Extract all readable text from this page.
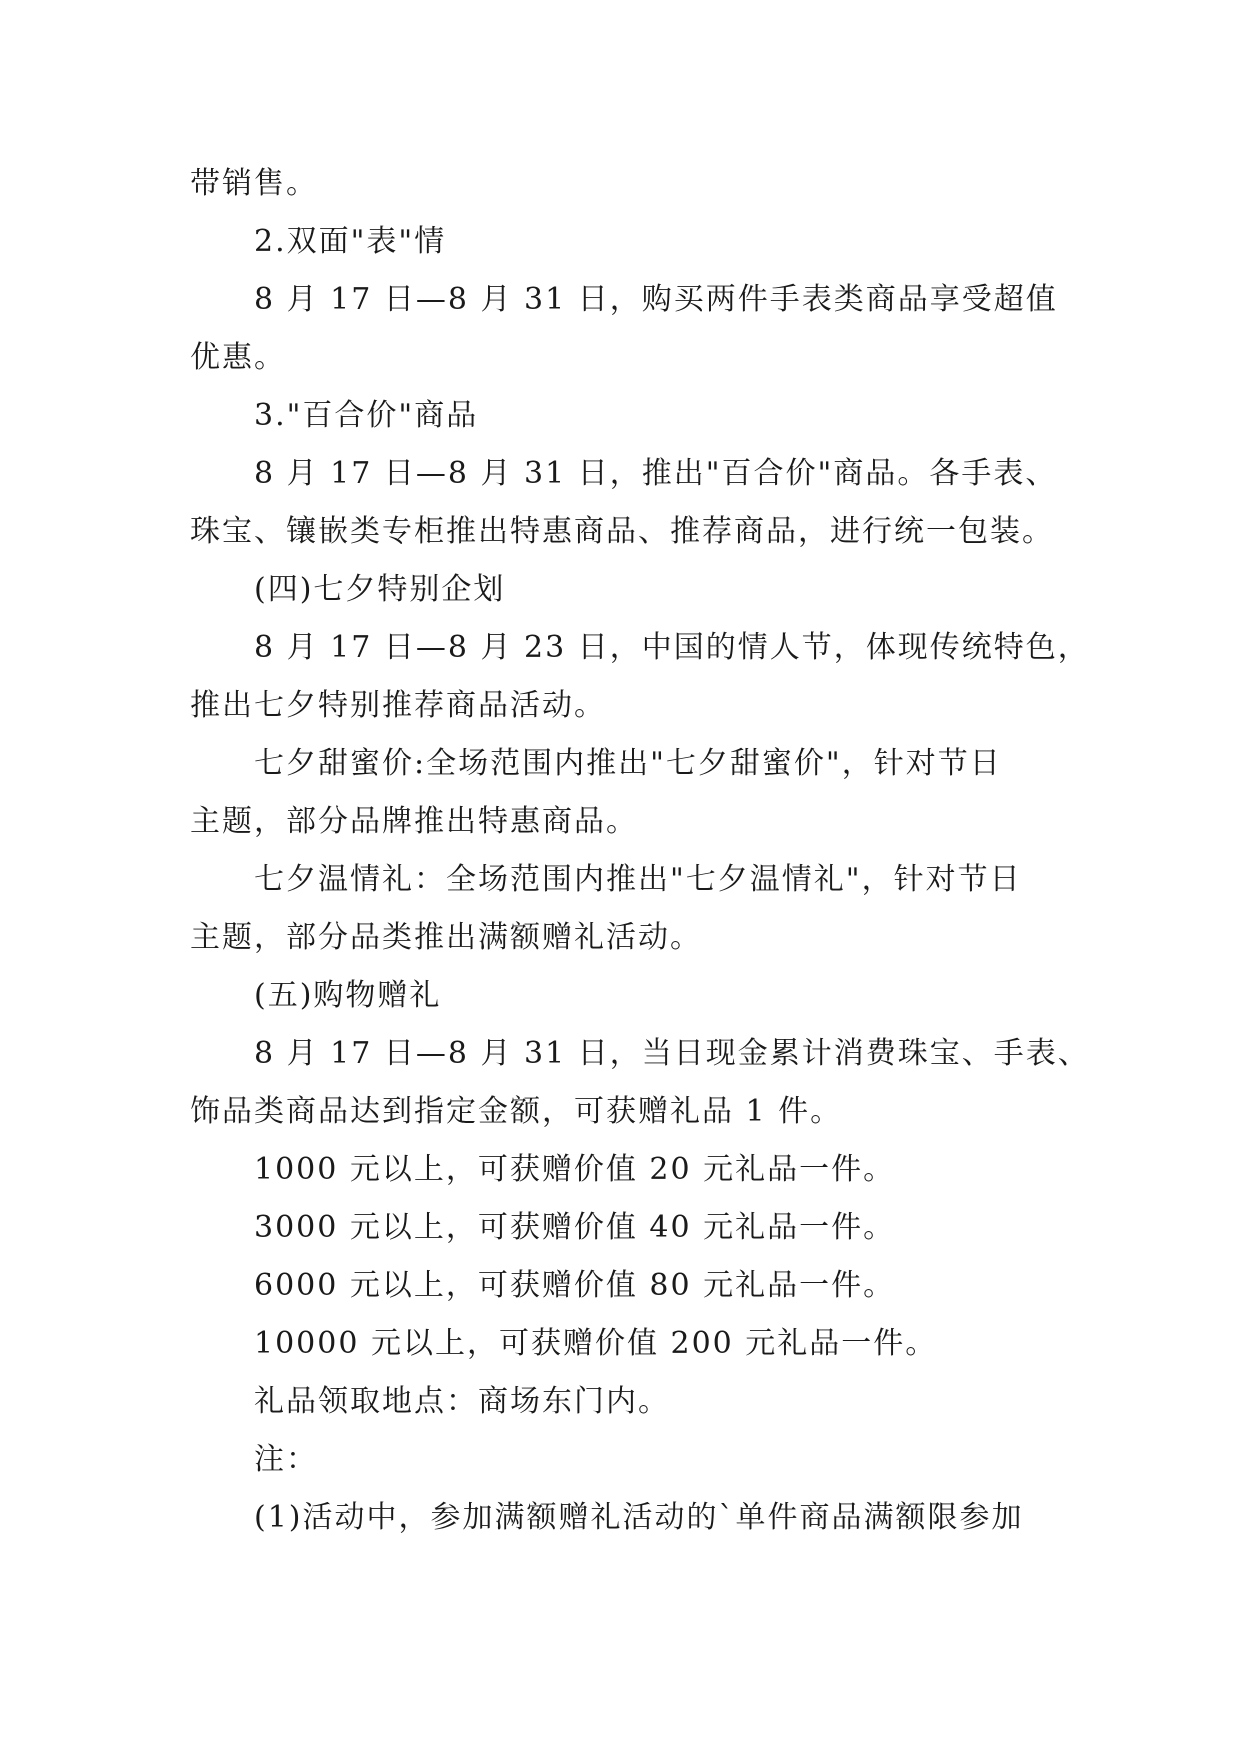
带销售。
2.双面"表"情
8 月 17 日—8 月 31 日，购买两件手表类商品享受超值
优惠。
3."百合价"商品
8 月 17 日—8 月 31 日，推出"百合价"商品。各手表、
珠宝、镶嵌类专柜推出特惠商品、推荐商品，进行统一包装。
(四)七夕特别企划
8 月 17 日—8 月 23 日，中国的情人节，体现传统特色，
推出七夕特别推荐商品活动。
七夕甜蜜价:全场范围内推出"七夕甜蜜价"，针对节日
主题，部分品牌推出特惠商品。
七夕温情礼：全场范围内推出"七夕温情礼"，针对节日
主题，部分品类推出满额赠礼活动。
(五)购物赠礼
8 月 17 日—8 月 31 日，当日现金累计消费珠宝、手表、
饰品类商品达到指定金额，可获赠礼品 1 件。
1000 元以上，可获赠价值 20 元礼品一件。
3000 元以上，可获赠价值 40 元礼品一件。
6000 元以上，可获赠价值 80 元礼品一件。
10000 元以上，可获赠价值 200 元礼品一件。
礼品领取地点：商场东门内。
注：
(1)活动中，参加满额赠礼活动的`单件商品满额限参加
